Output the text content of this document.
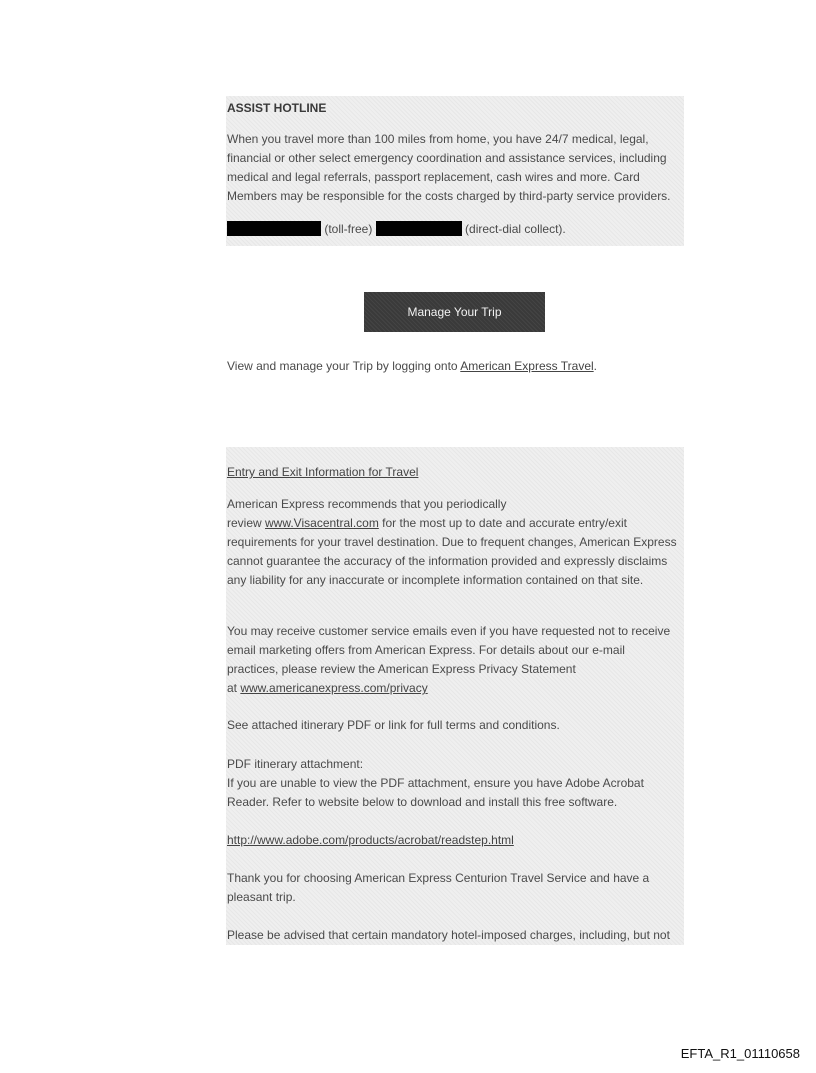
ASSIST HOTLINE

When you travel more than 100 miles from home, you have 24/7 medical, legal, financial or other select emergency coordination and assistance services, including medical and legal referrals, passport replacement, cash wires and more. Card Members may be responsible for the costs charged by third-party service providers.

(toll-free)	(direct-dial collect).

Manage Your Trip

View and manage your Trip by logging onto American Express Travel.

Entry and Exit Information for Travel

American Express recommends that you periodically
review www.Visacentral.com for the most up to date and accurate entry/exit requirements for your travel destination. Due to frequent changes, American Express cannot guarantee the accuracy of the information provided and expressly disclaims any liability for any inaccurate or incomplete information contained on that site.

You may receive customer service emails even if you have requested not to receive email marketing offers from American Express. For details about our e-mail practices, please review the American Express Privacy Statement
at www.americanexpress.com/privacy

See attached itinerary PDF or link for full terms and conditions.

PDF itinerary attachment:
If you are unable to view the PDF attachment, ensure you have Adobe Acrobat Reader. Refer to website below to download and install this free software.

http://www.adobe.com/products/acrobat/readstep.html

Thank you for choosing American Express Centurion Travel Service and have a pleasant trip.

Please be advised that certain mandatory hotel-imposed charges, including, but not

EFTA_R1_01110658
